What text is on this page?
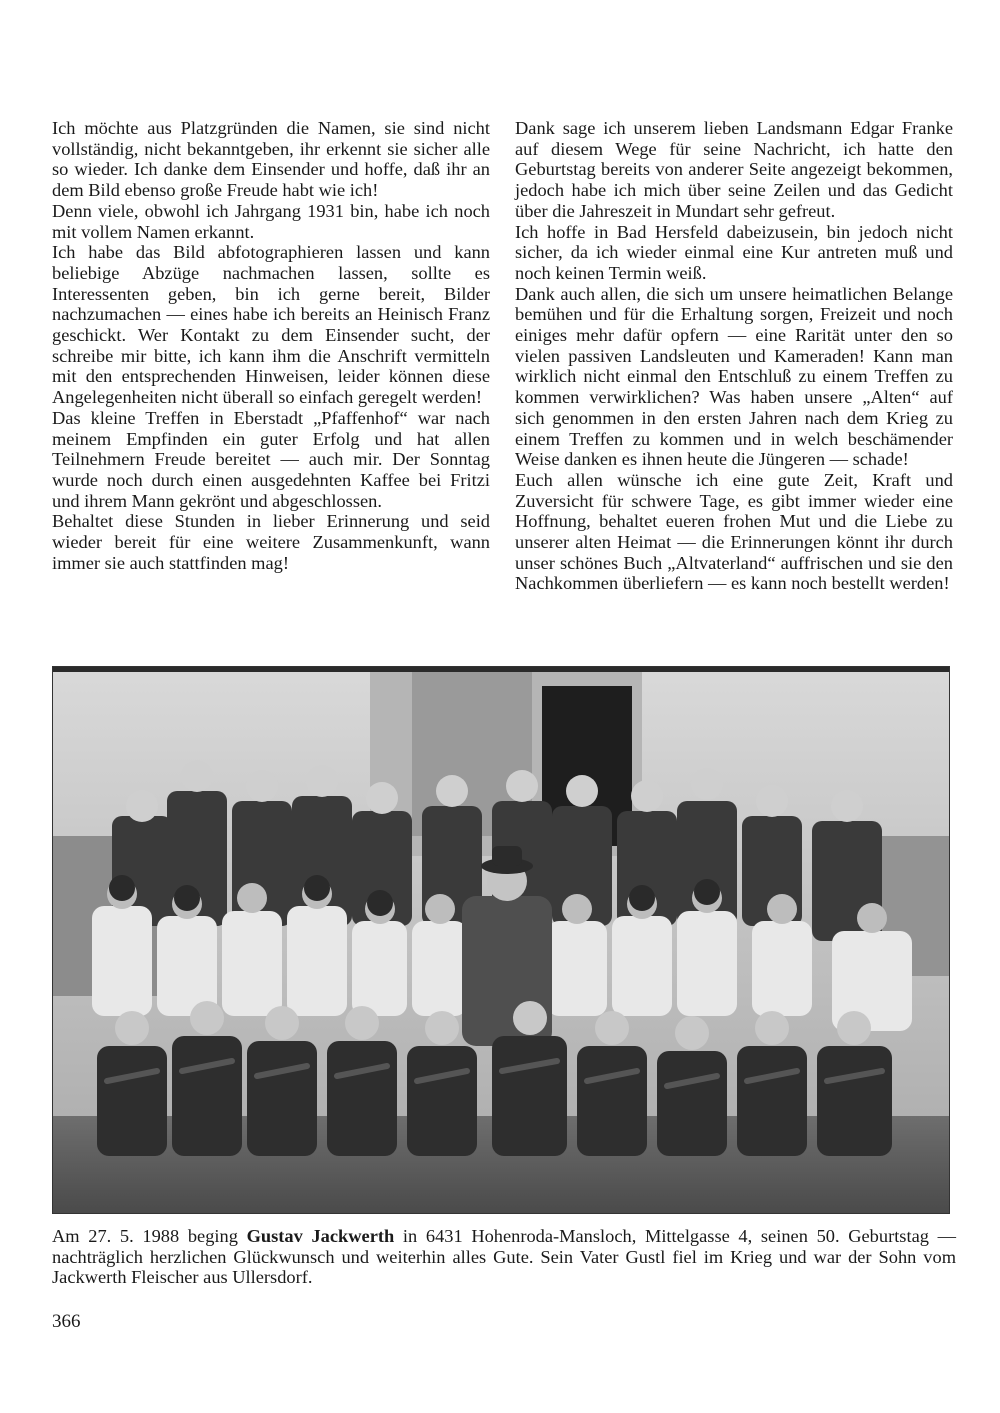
Ich möchte aus Platzgründen die Namen, sie sind nicht vollständig, nicht bekanntgeben, ihr erkennt sie sicher alle so wieder. Ich danke dem Einsender und hoffe, daß ihr an dem Bild ebenso große Freude habt wie ich!

Denn viele, obwohl ich Jahrgang 1931 bin, habe ich noch mit vollem Namen erkannt.

Ich habe das Bild abfotographieren lassen und kann beliebige Abzüge nachmachen lassen, sollte es Interessenten geben, bin ich gerne bereit, Bilder nachzumachen — eines habe ich bereits an Heinisch Franz geschickt. Wer Kontakt zu dem Einsender sucht, der schreibe mir bitte, ich kann ihm die Anschrift vermitteln mit den entsprechenden Hinweisen, leider können diese Angelegenheiten nicht überall so einfach geregelt werden!

Das kleine Treffen in Eberstadt „Pfaffenhof“ war nach meinem Empfinden ein guter Erfolg und hat allen Teilnehmern Freude bereitet — auch mir. Der Sonntag wurde noch durch einen ausgedehnten Kaffee bei Fritzi und ihrem Mann gekrönt und abgeschlossen.

Behaltet diese Stunden in lieber Erinnerung und seid wieder bereit für eine weitere Zusammenkunft, wann immer sie auch stattfinden mag!

Dank sage ich unserem lieben Landsmann Edgar Franke auf diesem Wege für seine Nachricht, ich hatte den Geburtstag bereits von anderer Seite angezeigt bekommen, jedoch habe ich mich über seine Zeilen und das Gedicht über die Jahreszeit in Mundart sehr gefreut.

Ich hoffe in Bad Hersfeld dabeizusein, bin jedoch nicht sicher, da ich wieder einmal eine Kur antreten muß und noch keinen Termin weiß.

Dank auch allen, die sich um unsere heimatlichen Belange bemühen und für die Erhaltung sorgen, Freizeit und noch einiges mehr dafür opfern — eine Rarität unter den so vielen passiven Landsleuten und Kameraden! Kann man wirklich nicht einmal den Entschluß zu einem Treffen zu kommen verwirklichen? Was haben unsere „Alten“ auf sich genommen in den ersten Jahren nach dem Krieg zu einem Treffen zu kommen und in welch beschämender Weise danken es ihnen heute die Jüngeren — schade!

Euch allen wünsche ich eine gute Zeit, Kraft und Zuversicht für schwere Tage, es gibt immer wieder eine Hoffnung, behaltet eueren frohen Mut und die Liebe zu unserer alten Heimat — die Erinnerungen könnt ihr durch unser schönes Buch „Altvaterland“ auffrischen und sie den Nachkommen überliefern — es kann noch bestellt werden!

Am 27. 5. 1988 beging Gustav Jackwerth in 6431 Hohenroda-Mansloch, Mittelgasse 4, seinen 50. Geburtstag — nachträglich herzlichen Glückwunsch und weiterhin alles Gute. Sein Vater Gustl fiel im Krieg und war der Sohn vom Jackwerth Fleischer aus Ullersdorf.
366
